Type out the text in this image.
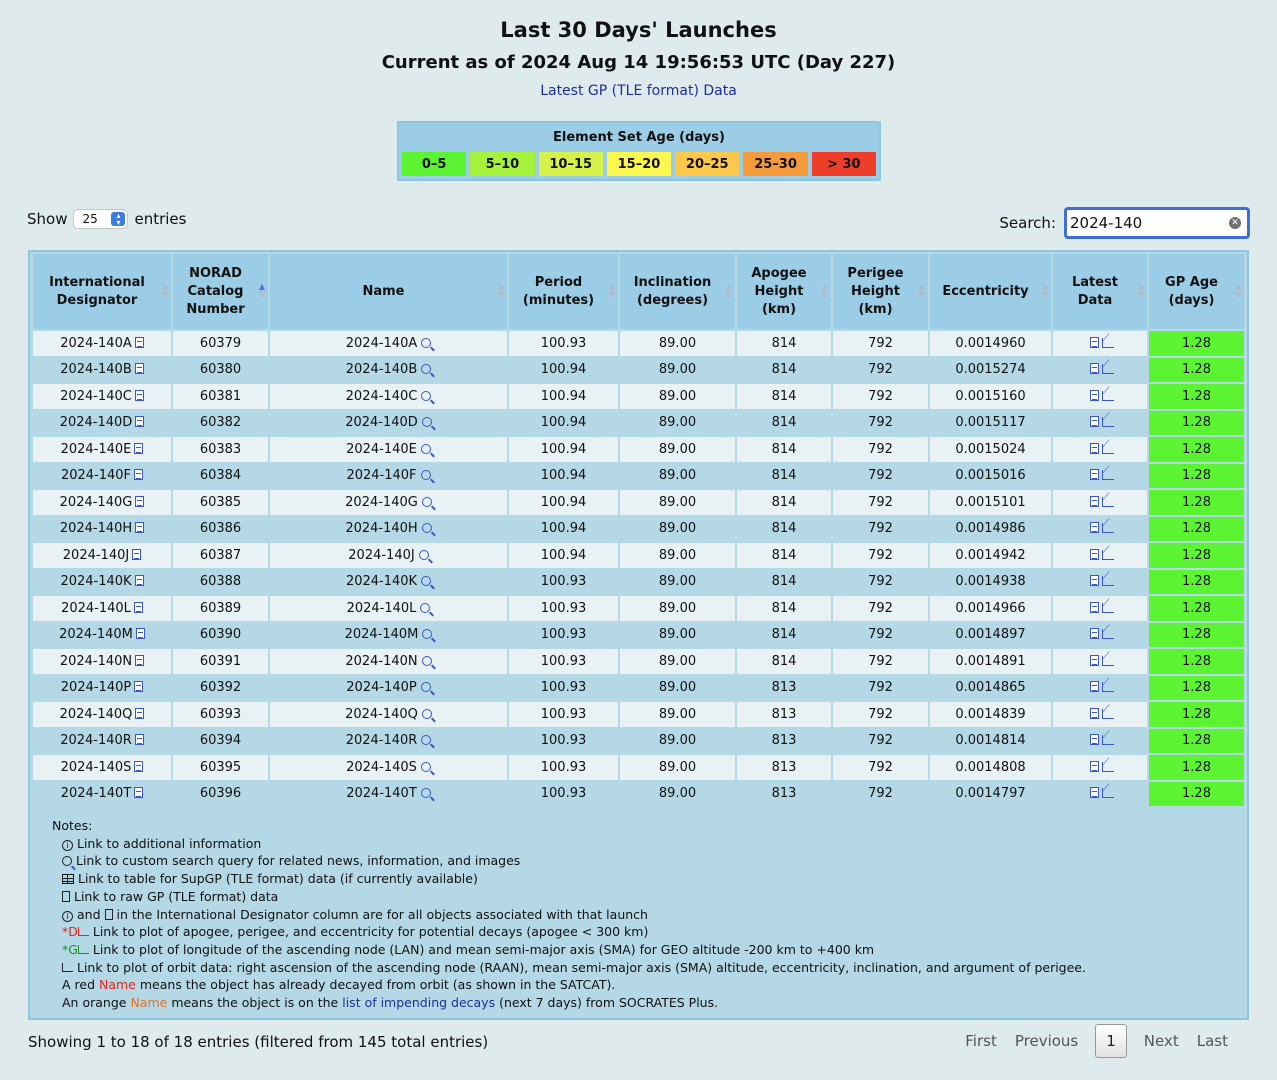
Last 30 Days' Launches
Current as of 2024 Aug 14 19:56:53 UTC (Day 227)
Latest GP (TLE format) Data
Element Set Age (days)
0–5	5–10	10–15	15–20	20–25	25–30	> 30
Show	25	▴
▾ entries	Search: 2024-140	✕
International Designator
▲
▼	NORAD Catalog Number
▲
▼	Name ▲
▼	Period (minutes)
▲
▼	Inclination (degrees)
▲
▼	Apogee Height (km)
▲
▼	Perigee Height (km)
▲
▼	Eccentricity ▲
▼	Latest Data
▲
▼	GP Age (days)
▲
▼

2024-140A	60379	2024-140A	100.93	89.00	814	792	0.0014960	⟋	1.28
2024-140B	60380	2024-140B	100.94	89.00	814	792	0.0015274	⟋	1.28
2024-140C	60381	2024-140C	100.94	89.00	814	792	0.0015160	⟋	1.28
2024-140D	60382	2024-140D	100.94	89.00	814	792	0.0015117	⟋	1.28
2024-140E	60383	2024-140E	100.94	89.00	814	792	0.0015024	⟋	1.28
2024-140F	60384	2024-140F	100.94	89.00	814	792	0.0015016	⟋	1.28
2024-140G	60385	2024-140G	100.94	89.00	814	792	0.0015101	⟋	1.28
2024-140H	60386	2024-140H	100.94	89.00	814	792	0.0014986	⟋	1.28
2024-140J	60387	2024-140J	100.94	89.00	814	792	0.0014942	⟋	1.28
2024-140K	60388	2024-140K	100.93	89.00	814	792	0.0014938	⟋	1.28
2024-140L	60389	2024-140L	100.93	89.00	814	792	0.0014966	⟋	1.28
2024-140M	60390	2024-140M	100.93	89.00	814	792	0.0014897	⟋	1.28
2024-140N	60391	2024-140N	100.93	89.00	814	792	0.0014891	⟋	1.28
2024-140P	60392	2024-140P	100.93	89.00	813	792	0.0014865	⟋	1.28
2024-140Q	60393	2024-140Q	100.93	89.00	813	792	0.0014839	⟋	1.28
2024-140R	60394	2024-140R	100.93	89.00	813	792	0.0014814	⟋	1.28
2024-140S	60395	2024-140S	100.93	89.00	813	792	0.0014808	⟋	1.28
2024-140T	60396	2024-140T	100.93	89.00	813	792	0.0014797	⟋	1.28
Notes:
i Link to additional information
Link to custom search query for related news, information, and images
Link to table for SupGP (TLE format) data (if currently available)
Link to raw GP (TLE format) data
i and in the International Designator column are for all objects associated with that launch
*D Link to plot of apogee, perigee, and eccentricity for potential decays (apogee < 300 km)
*G Link to plot of longitude of the ascending node (LAN) and mean semi-major axis (SMA) for GEO altitude -200 km to +400 km
Link to plot of orbit data: right ascension of the ascending node (RAAN), mean semi-major axis (SMA) altitude, eccentricity, inclination, and argument of perigee.
A red Name means the object has already decayed from orbit (as shown in the SATCAT).
An orange Name means the object is on the list of impending decays (next 7 days) from SOCRATES Plus.
Showing 1 to 18 of 18 entries (filtered from 145 total entries)	First	Previous	1	Next	Last
